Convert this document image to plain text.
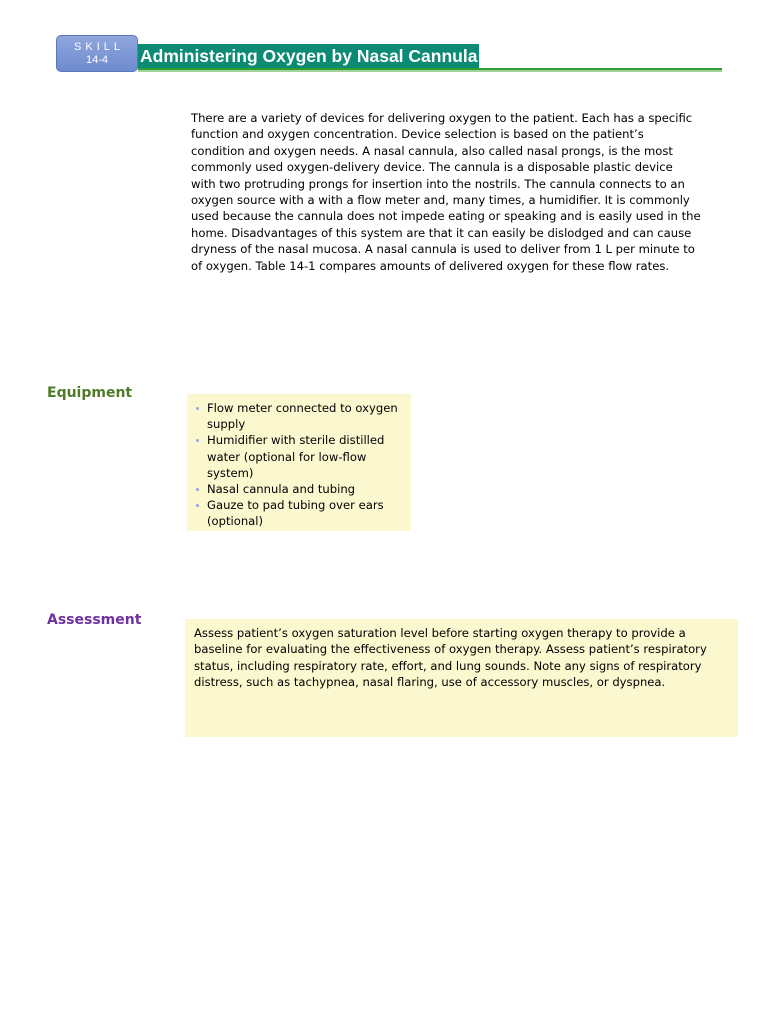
SKILL
14-4	Administering Oxygen by Nasal Cannula

There are a variety of devices for delivering oxygen to the patient. Each has a specific function and oxygen concentration. Device selection is based on the patient’s condition and oxygen needs. A nasal cannula, also called nasal prongs, is the most commonly used oxygen-delivery device. The cannula is a disposable plastic device with two protruding prongs for insertion into the nostrils. The cannula connects to an oxygen source with a with a flow meter and, many times, a humidifier. It is commonly used because the cannula does not impede eating or speaking and is easily used in the home. Disadvantages of this system are that it can easily be dislodged and can cause dryness of the nasal mucosa. A nasal cannula is used to deliver from 1 L per minute to of oxygen. Table 14-1 compares amounts of delivered oxygen for these flow rates.

Equipment
Flow meter connected to oxygen supply
Humidifier with sterile distilled water (optional for low-flow system)
Nasal cannula and tubing
Gauze to pad tubing over ears (optional)
Assessment
Assess patient’s oxygen saturation level before starting oxygen therapy to provide a baseline for evaluating the effectiveness of oxygen therapy. Assess patient’s respiratory status, including respiratory rate, effort, and lung sounds. Note any signs of respiratory distress, such as tachypnea, nasal flaring, use of accessory muscles, or dyspnea.
